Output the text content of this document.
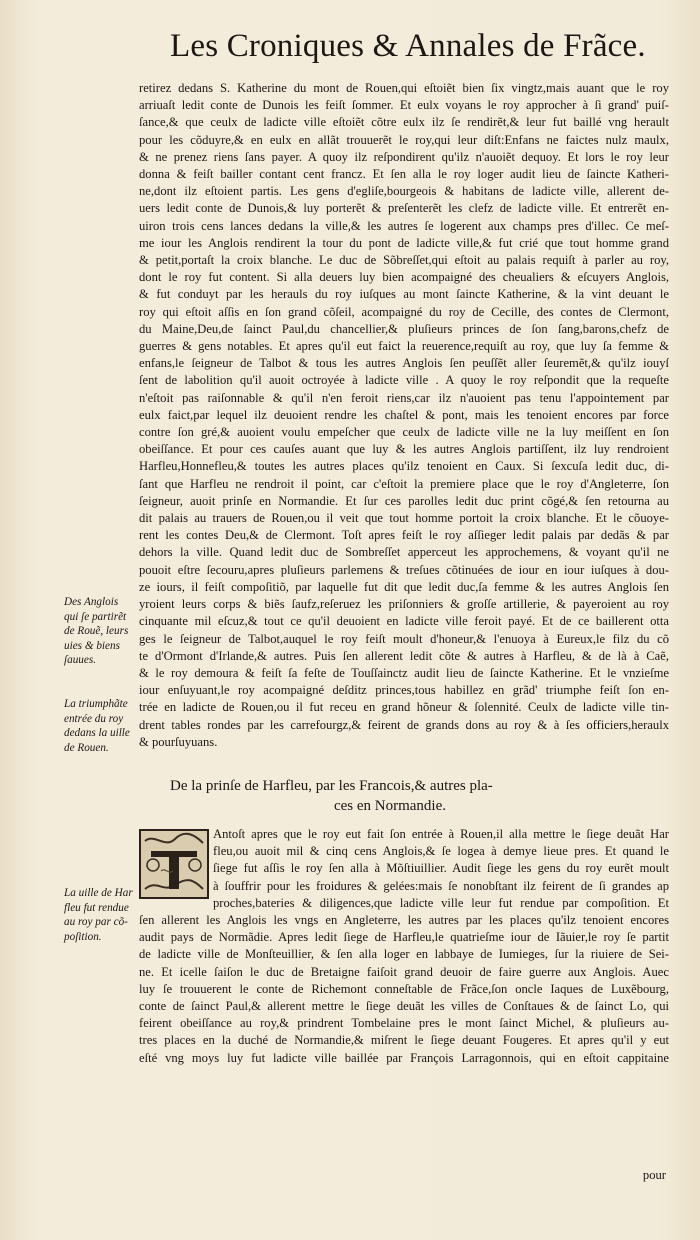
Les Croniques & Annales de Frãce.
retirez dedans S. Katherine du mont de Rouen,qui eſtoiẽt bien ſix vingtz,mais auant que le roy
arriuaſt ledit conte de Dunois les feiſt ſommer. Et eulx voyans le roy approcher à ſi grand' puiſ-
ſance,& que ceulx de ladicte ville eſtoiẽt cõtre eulx ilz ſe rendirẽt,& leur fut baillé vng herault
pour les cõduyre,& en eulx en allãt trouuerẽt le roy,qui leur diſt:Enfans ne faictes nulz maulx,
& ne prenez riens ſans payer. A quoy ilz reſpondirent qu'ilz n'auoiẽt dequoy. Et lors le roy leur
donna & feiſt bailler contant cent francz. Et ſen alla le roy loger audit lieu de ſaincte Katheri-
ne,dont ilz eſtoient partis. Les gens d'egliſe,bourgeois & habitans de ladicte ville, allerent de-
uers ledit conte de Dunois,& luy porterẽt & preſenterẽt les clefz de ladicte ville. Et entrerẽt en-
uiron trois cens lances dedans la ville,& les autres ſe logerent aux champs pres d'illec. Ce meſ-
me iour les Anglois rendirent la tour du pont de ladicte ville,& fut crié que tout homme grand
& petit,portaſt la croix blanche. Le duc de Sõbreſſet,qui eſtoit au palais requiſt à parler au roy,
dont le roy fut content. Si alla deuers luy bien acompaigné des cheualiers & eſcuyers Anglois,
& fut conduyt par les herauls du roy iuſques au mont ſaincte Katherine, & la vint deuant le
roy qui eſtoit aſſis en ſon grand cõſeil, acompaigné du roy de Cecille, des contes de Clermont,
du Maine,Deu,de ſainct Paul,du chancellier,& pluſieurs princes de ſon ſang,barons,chefz de
guerres & gens notables. Et apres qu'il eut faict la reuerence,requiſt au roy, que luy ſa femme &
enfans,le ſeigneur de Talbot & tous les autres Anglois ſen peuſſẽt aller ſeuremẽt,& qu'ilz iouyſ
ſent de labolition qu'il auoit octroyée à ladicte ville . A quoy le roy reſpondit que la requeſte
n'eſtoit pas raiſonnable & qu'il n'en feroit riens,car ilz n'auoient pas tenu l'appointement par
eulx faict,par lequel ilz deuoient rendre les chaſtel & pont, mais les tenoient encores par force
contre ſon gré,& auoient voulu empeſcher que ceulx de ladicte ville ne la luy meiſſent en ſon
obeiſſance. Et pour ces cauſes auant que luy & les autres Anglois partiſſent, ilz luy rendroient
Harfleu,Honnefleu,& toutes les autres places qu'ilz tenoient en Caux. Si ſexcuſa ledit duc, di-
ſant que Harfleu ne rendroit il point, car c'eſtoit la premiere place que le roy d'Angleterre, ſon
ſeigneur, auoit prinſe en Normandie. Et ſur ces parolles ledit duc print cõgé,& ſen retourna au
dit palais au trauers de Rouen,ou il veit que tout homme portoit la croix blanche. Et le cõuoye-
rent les contes Deu,& de Clermont. Toſt apres feiſt le roy aſſieger ledit palais par dedãs & par
dehors la ville. Quand ledit duc de Sombreſſet apperceut les approchemens, & voyant qu'il ne
pouoit eſtre ſecouru,apres pluſieurs parlemens & treſues cõtinuées de iour en iour iuſques à dou-
ze iours, il feiſt compoſitiõ, par laquelle fut dit que ledit duc,ſa femme & les autres Anglois ſen
yroient leurs corps & biẽs ſaufz,reſeruez les priſonniers & groſſe artillerie, & payeroient au roy
cinquante mil eſcuz,& tout ce qu'il deuoient en ladicte ville feroit payé. Et de ce baillerent otta
ges le ſeigneur de Talbot,auquel le roy feiſt moult d'honeur,& l'enuoya à Eureux,le filz du cõ
te d'Ormont d'Irlande,& autres. Puis ſen allerent ledit cõte & autres à Harfleu, & de là à Caẽ,
& le roy demoura & feiſt ſa feſte de Touſſainctz audit lieu de ſaincte Katherine. Et le vnzieſme
iour enſuyuant,le roy acompaigné deſditz princes,tous habillez en grãd' triumphe feiſt ſon en-
trée en ladicte de Rouen,ou il fut receu en grand hõneur & ſolennité. Ceulx de ladicte ville tin-
drent tables rondes par les carrefourgz,& feirent de grands dons au roy & à ſes officiers,heraulx
& pourſuyuans.
Des Anglois
qui ſe partirẽt
de Rouẽ, leurs
uies & biens
ſauues.
La triumphãte
entrée du roy
dedans la uille
de Rouen.
La uille de Har
fleu fut rendue
au roy par cõ-
poſition.
De la prinſe de Harfleu, par les Francois,& autres pla-
ces en Normandie.
Antoſt apres que le roy eut fait ſon entrée à Rouen,il alla mettre le ſiege deuãt Har
fleu,ou auoit mil & cinq cens Anglois,& ſe logea à demye lieue pres. Et quand le
ſiege fut aſſis le roy ſen alla à Mõſtiuillier. Audit ſiege les gens du roy eurẽt moult
à ſouffrir pour les froidures & gelées:mais ſe nonobſtant ilz feirent de ſi grandes ap
proches,bateries & diligences,que ladicte ville leur fut rendue par compoſition. Et
ſen allerent les Anglois les vngs en Angleterre, les autres par les places qu'ilz tenoient encores
audit pays de Normãdie. Apres ledit ſiege de Harfleu,le quatrieſme iour de Iãuier,le roy ſe partit
de ladicte ville de Monſteuillier, & ſen alla loger en labbaye de Iumieges, ſur la riuiere de Sei-
ne. Et icelle ſaiſon le duc de Bretaigne faiſoit grand deuoir de faire guerre aux Anglois. Auec
luy ſe trouuerent le conte de Richemont conneſtable de Frãce,ſon oncle Iaques de Luxẽbourg,
conte de ſainct Paul,& allerent mettre le ſiege deuãt les villes de Conſtaues & de ſainct Lo, qui
feirent obeiſſance au roy,& prindrent Tombelaine pres le mont ſainct Michel, & pluſieurs au-
tres places en la duché de Normandie,& miſrent le ſiege deuant Fougeres. Et apres qu'il y eut
eſté vng moys luy fut ladicte ville baillée par François Larragonnois, qui en eſtoit cappitaine
pour
